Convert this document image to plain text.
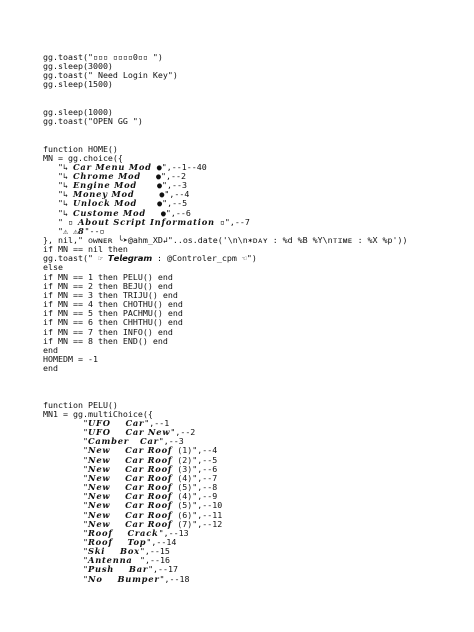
gg.toast("▫▫▫ ▫▫▫▫0▫▫ ")
gg.sleep(3000)
gg.toast(" Need Login Key")
gg.sleep(1500)
gg.sleep(1000)
gg.toast("OPEN GG ")
function HOME()
MN = gg.choice({
"↳ Car Menu Mod ●",--1--40
"↳ Chrome Mod   ●",--2
"↳ Engine Mod    ●",--3
"↳ Money Mod     ●",--4
"↳ Unlock Mod    ●",--5
"↳ Custome Mod   ●",--6
" ▫ About Script Information ▫",--7
"⚠ ⚠8"--▫
}, nil," ᴏᴡɴᴇʀ ╰➤@ahm_XD↲"..os.date('\n\n✶ᴅᴀʏ : %d %B %Y\nᴛɪᴍᴇ : %X %p'))
if MN == nil then
gg.toast(" ☞ 𝙏𝙚𝙡𝙚𝙜𝙧𝙖𝙢 : @Controler_cpm ☜")
else
if MN == 1 then PELU() end
if MN == 2 then BEJU() end
if MN == 3 then TRIJU() end
if MN == 4 then CHOTHU() end
if MN == 5 then PACHMU() end
if MN == 6 then CHHTHU() end
if MN == 7 then INFO() end
if MN == 8 then END() end
end
HOMEDM = -1
end
function PELU()
MN1 = gg.multiChoice({
"UFO    Car",--1
"UFO    Car New",--2
"Camber   Car",--3
"New    Car Roof (1)",--4
"New    Car Roof (2)",--5
"New    Car Roof (3)",--6
"New    Car Roof (4)",--7
"New    Car Roof (5)",--8
"New    Car Roof (4)",--9
"New    Car Roof (5)",--10
"New    Car Roof (6)",--11
"New    Car Roof (7)",--12
"Roof    Crack",--13
"Roof    Top",--14
"Ski    Box",--15
"Antenna  ",--16
"Push    Bar",--17
"No    Bumper",--18
